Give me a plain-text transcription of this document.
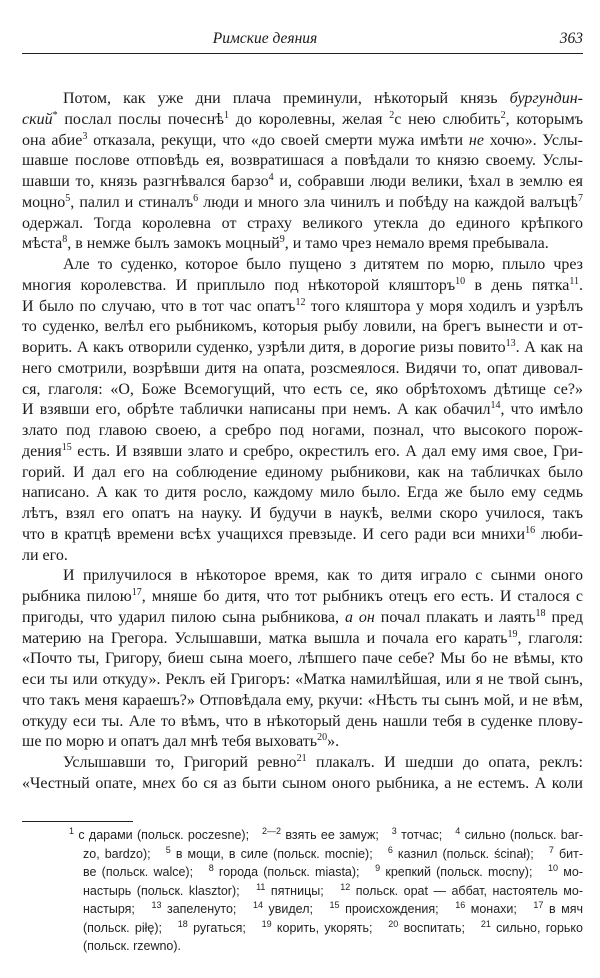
Римские деяния	363
Потом, как уже дни плача преминули, нѣкоторый князь бургундин-
ский* послал послы почеснѣ$^1$ до королевны, желая $^2$с нею слюбить$^2$, которымъ
она абие$^3$ отказала, рекущи, что «до своей смерти мужа имѣти не хочю». Услы-
шавше послове отповѣдь ея, возвратишася а повѣдали то князю своему. Услы-
шавши то, князь разгнѣвался барзо$^4$ и, собравши люди велики, ѣхал в землю ея
моцно$^5$, палил и стиналъ$^6$ люди и много зла чинилъ и побѣду на каждой валъцѣ$^7$
одержал. Тогда королевна от страху великого утекла до единого крѣпкого
мѣста$^8$, в немже былъ замокъ моцный$^9$, и тамо чрез немало время пребывала.
Але то суденко, которое было пущено з дитятем по морю, плыло чрез
многия королевства. И приплыло под нѣкоторой кляшторъ$^{10}$ в день пятка$^{11}$.
И было по случаю, что в тот час опатъ$^{12}$ того кляштора у моря ходилъ и узрѣлъ
то суденко, велѣл его рыбникомъ, которыя рыбу ловили, на брегъ вынести и от-
ворить. А какъ отворили суденко, узрѣли дитя, в дорогие ризы повито$^{13}$. А как на
него смотрили, возрѣвши дитя на опата, розсмеялося. Видячи то, опат дивовал-
ся, глаголя: «О, Боже Всемогущий, что есть се, яко обрѣтохомъ дѣтище се?»
И взявши его, обрѣте таблички написаны при немъ. А как обачил$^{14}$, что имѣло
злато под главою своею, а сребро под ногами, познал, что высокого порож-
дения$^{15}$ есть. И взявши злато и сребро, окрестилъ его. А дал ему имя свое, Гри-
горий. И дал его на соблюдение единому рыбникови, как на табличках было
написано. А как то дитя росло, каждому мило было. Егда же было ему седмь
лѣтъ, взял его опатъ на науку. И будучи в наукѣ, велми скоро училося, такъ
что в кратцѣ времени всѣх учащихся превзыде. И сего ради вси мнихи$^{16}$ люби-
ли его.
И прилучилося в нѣкоторое время, как то дитя играло с сынми оного
рыбника пилою$^{17}$, мняше бо дитя, что тот рыбникъ отецъ его есть. И сталося с
пригоды, что ударил пилою сына рыбникова, а он почал плакать и лаять$^{18}$ пред
материю на Грегора. Услышавши, матка вышла и почала его карать$^{19}$, глаголя:
«Почто ты, Григору, биеш сына моего, лѣпшего паче себе? Мы бо не вѣмы, кто
еси ты или откуду». Реклъ ей Григоръ: «Матка намилѣйшая, или я не твой сынъ,
что такъ меня караешъ?» Отповѣдала ему, ркучи: «Нѣсть ты сынъ мой, и не вѣм,
откуду еси ты. Але то вѣмъ, что в нѣкоторый день нашли тебя в суденке плову-
ше по морю и опатъ дал мнѣ тебя выховать$^{20}$».
Услышавши то, Григорий ревно$^{21}$ плакалъ. И шедши до опата, реклъ:
«Честный опате, мнех бо ся аз быти сыном оного рыбника, а не естемъ. А коли
$^1$ с дарами (польск. poczesne);   $^{2—2}$ взять ее замуж;   $^3$ тотчас;   $^4$ сильно (польск. bar-
zo, bardzo);   $^5$ в мощи, в силе (польск. mocnie);   $^6$ казнил (польск. ścinał);   $^7$ бит-
ве (польск. walce);   $^8$ города (польск. miasta);   $^9$ крепкий (польск. mocny);   $^{10}$ мо-
настырь (польск. klasztor);   $^{11}$ пятницы;   $^{12}$ польск. opat — аббат, настоятель мо-
настыря;   $^{13}$ запеленуто;   $^{14}$ увидел;   $^{15}$ происхождения;   $^{16}$ монахи;   $^{17}$ в мяч
(польск. piłę);   $^{18}$ ругаться;   $^{19}$ корить, укорять;   $^{20}$ воспитать;   $^{21}$ сильно, горько
(польск. rzewno).
